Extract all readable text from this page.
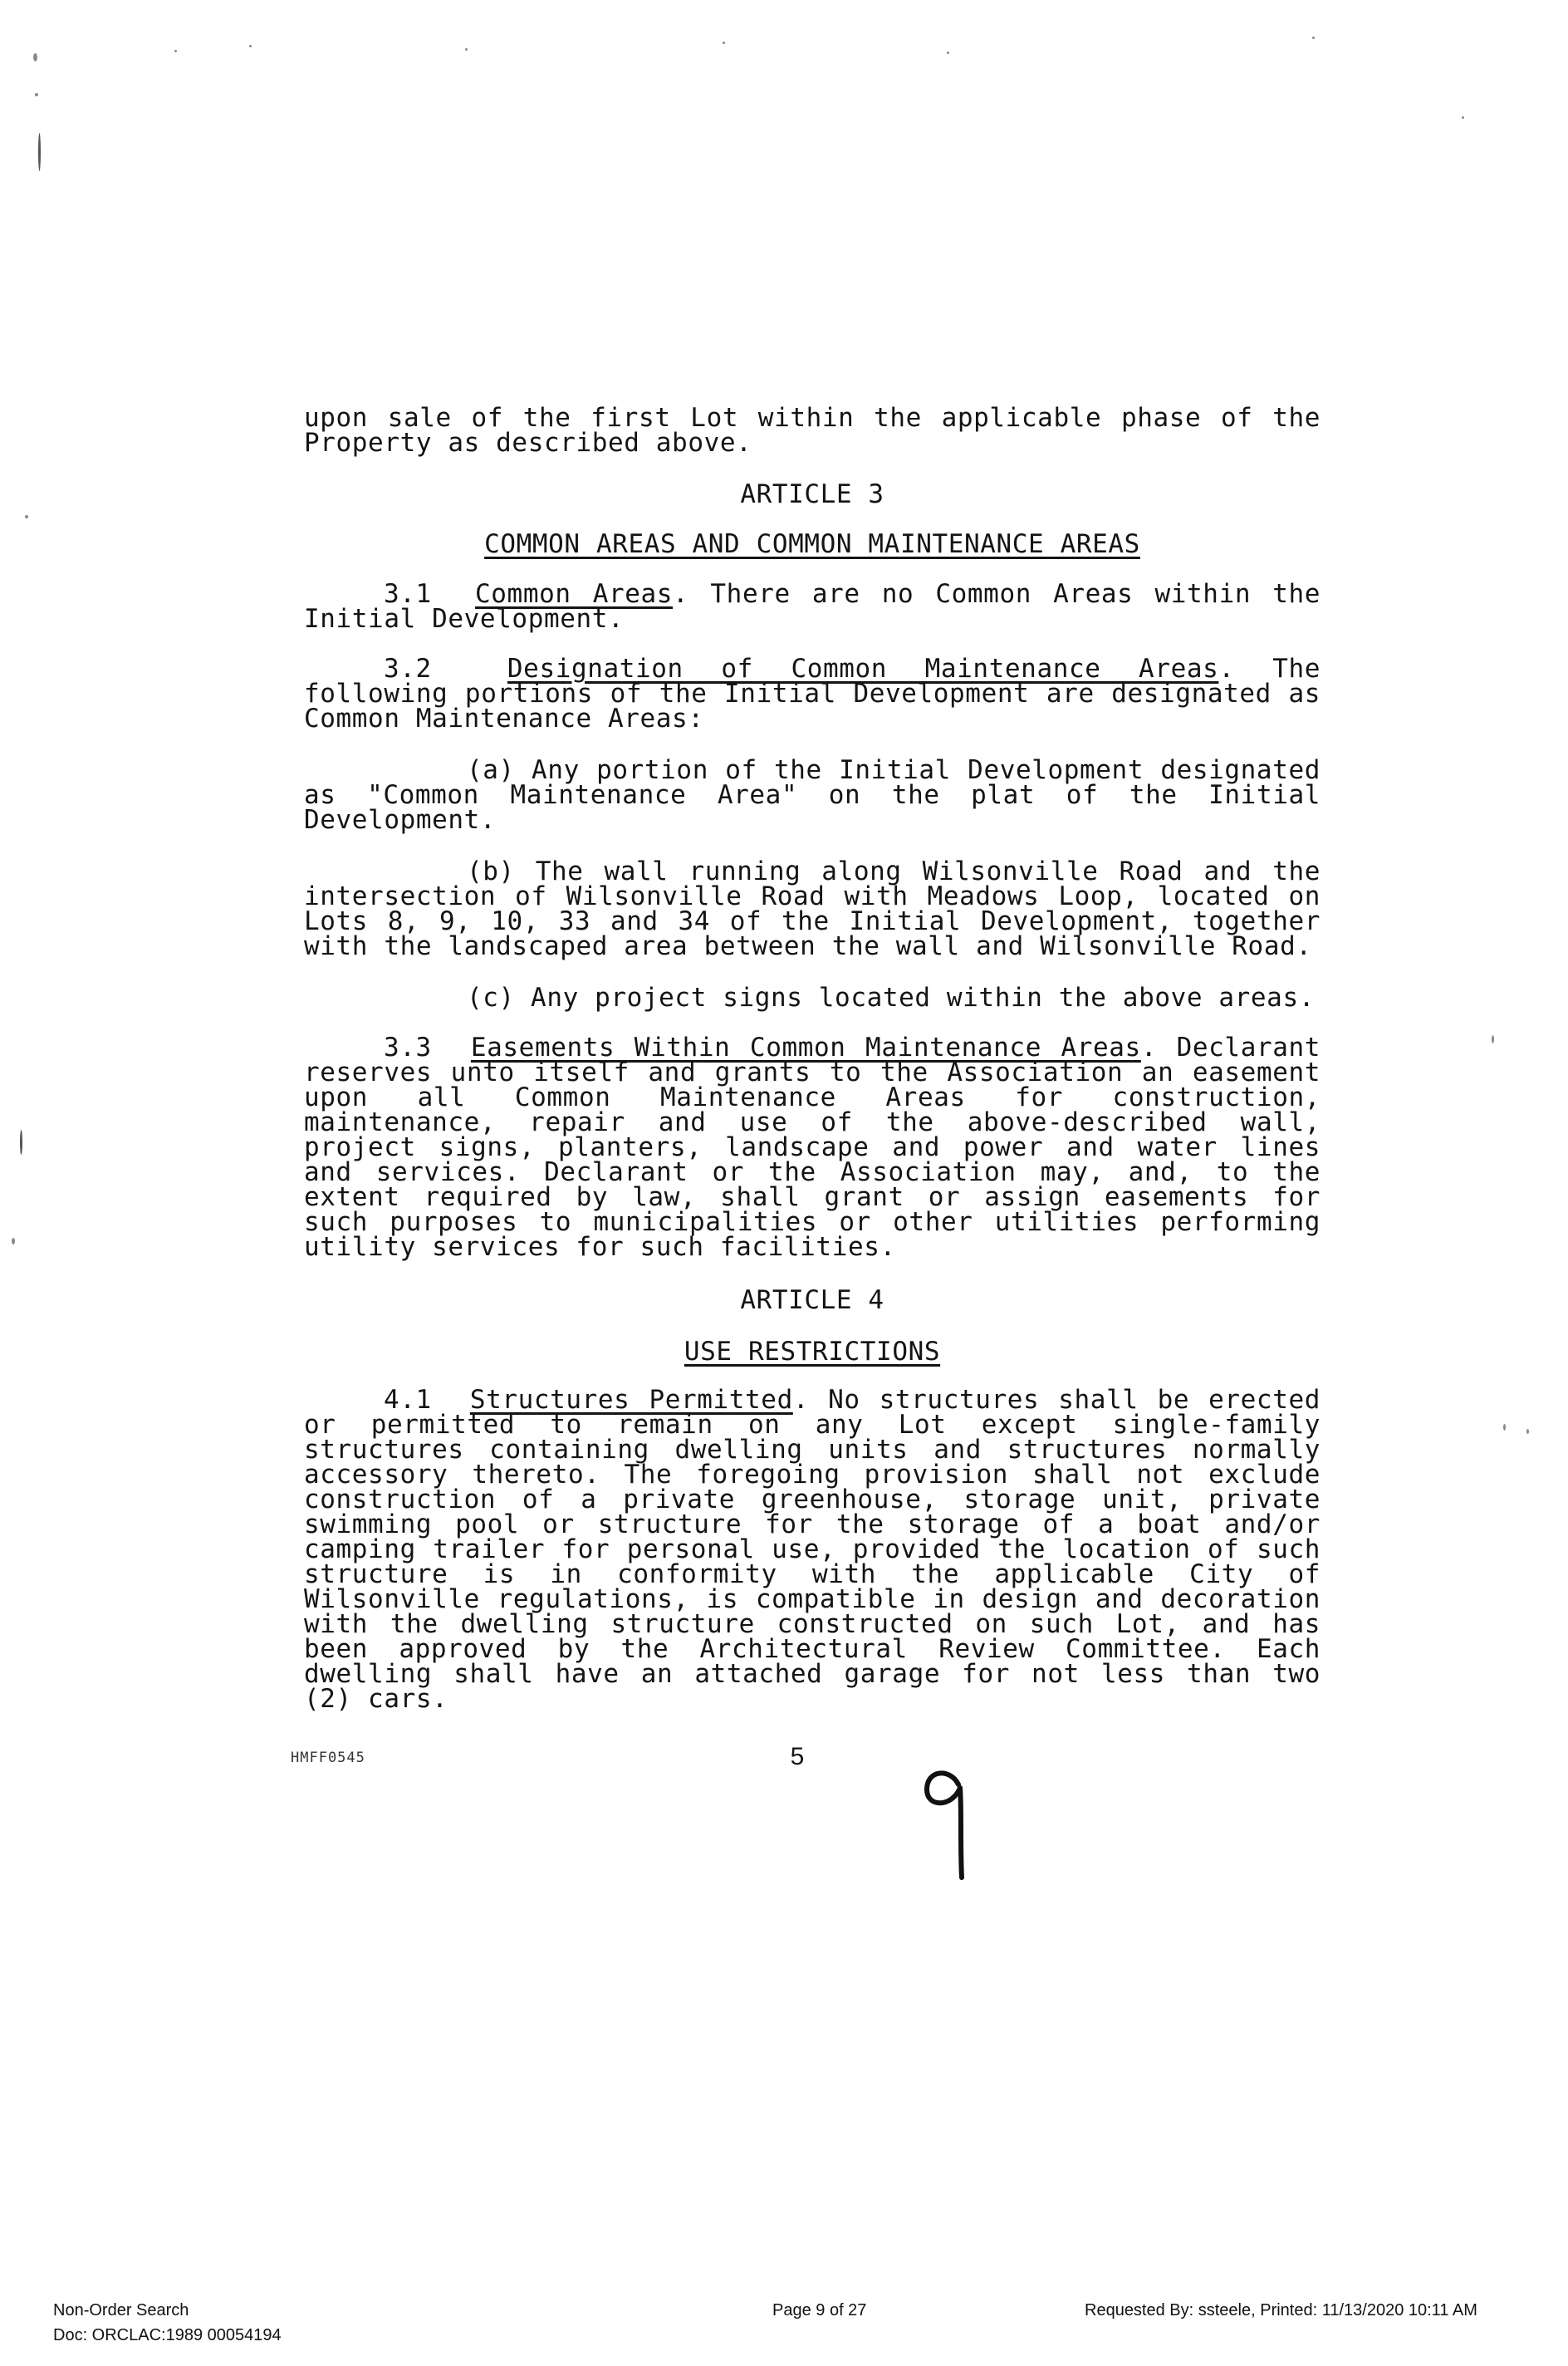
upon sale of the first Lot within the applicable phase of the Property as described above.

ARTICLE 3
COMMON AREAS AND COMMON MAINTENANCE AREAS

3.1 Common Areas. There are no Common Areas within the Initial Development.

3.2	Designation of Common Maintenance Areas. The following portions of the Initial Development are designated as Common Maintenance Areas:

(a) Any portion of the Initial Development designated as "Common Maintenance Area" on the plat of the Initial Development.

(b) The wall running along Wilsonville Road and the intersection of Wilsonville Road with Meadows Loop, located on Lots 8, 9, 10, 33 and 34 of the Initial Development, together with the landscaped area between the wall and Wilsonville Road.

(c) Any project signs located within the above areas.

3.3 Easements Within Common Maintenance Areas. Declarant reserves unto itself and grants to the Association an easement upon all Common Maintenance Areas for construction, maintenance, repair and use of the above-described wall, project signs, planters, landscape and power and water lines and services. Declarant or the Association may, and, to the extent required by law, shall grant or assign easements for such purposes to municipalities or other utilities performing utility services for such facilities.

ARTICLE 4
USE RESTRICTIONS

4.1 Structures Permitted. No structures shall be erected or permitted to remain on any Lot except single-family structures containing dwelling units and structures normally accessory thereto. The foregoing provision shall not exclude construction of a private greenhouse, storage unit, private swimming pool or structure for the storage of a boat and/or camping trailer for personal use, provided the location of such structure is in conformity with the applicable City of Wilsonville regulations, is compatible in design and decoration with the dwelling structure constructed on such Lot, and has been approved by the Architectural Review Committee. Each dwelling shall have an attached garage for not less than two (2) cars.

HMFF0545	5
Non-Order Search
Doc: ORCLAC:1989 00054194
Page 9 of 27	Requested By: ssteele, Printed: 11/13/2020 10:11 AM
